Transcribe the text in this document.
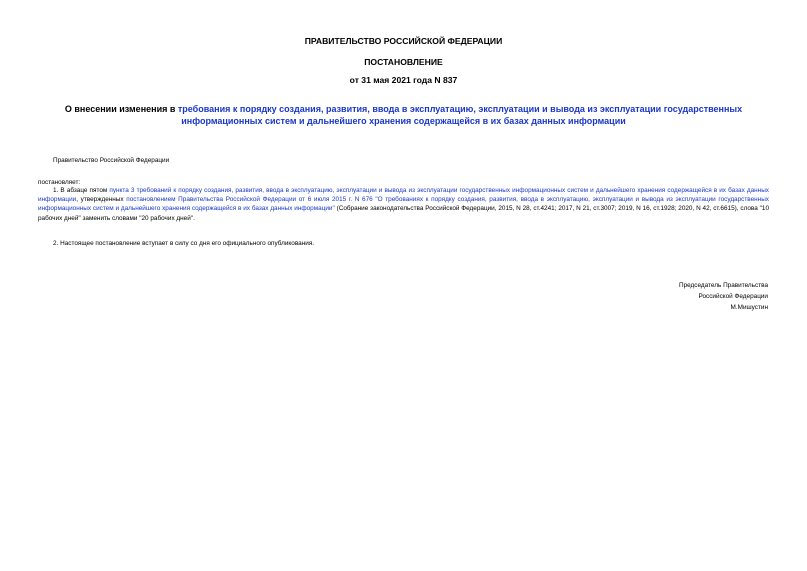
ПРАВИТЕЛЬСТВО РОССИЙСКОЙ ФЕДЕРАЦИИ
ПОСТАНОВЛЕНИЕ
от 31 мая 2021 года N 837
О внесении изменения в требования к порядку создания, развития, ввода в эксплуатацию, эксплуатации и вывода из эксплуатации государственных информационных систем и дальнейшего хранения содержащейся в их базах данных информации
Правительство Российской Федерации
постановляет:
1. В абзаце пятом пункта 3 требований к порядку создания, развития, ввода в эксплуатацию, эксплуатации и вывода из эксплуатации государственных информационных систем и дальнейшего хранения содержащейся в их базах данных информации, утвержденных постановлением Правительства Российской Федерации от 6 июля 2015 г. N 676 "О требованиях к порядку создания, развития, ввода в эксплуатацию, эксплуатации и вывода из эксплуатации государственных информационных систем и дальнейшего хранения содержащейся в их базах данных информации" (Собрание законодательства Российской Федерации, 2015, N 28, ст.4241; 2017, N 21, ст.3007; 2019, N 16, ст.1928; 2020, N 42, ст.6615), слова "10 рабочих дней" заменить словами "20 рабочих дней".
2. Настоящее постановление вступает в силу со дня его официального опубликования.
Председатель Правительства
Российской Федерации
М.Мишустин
